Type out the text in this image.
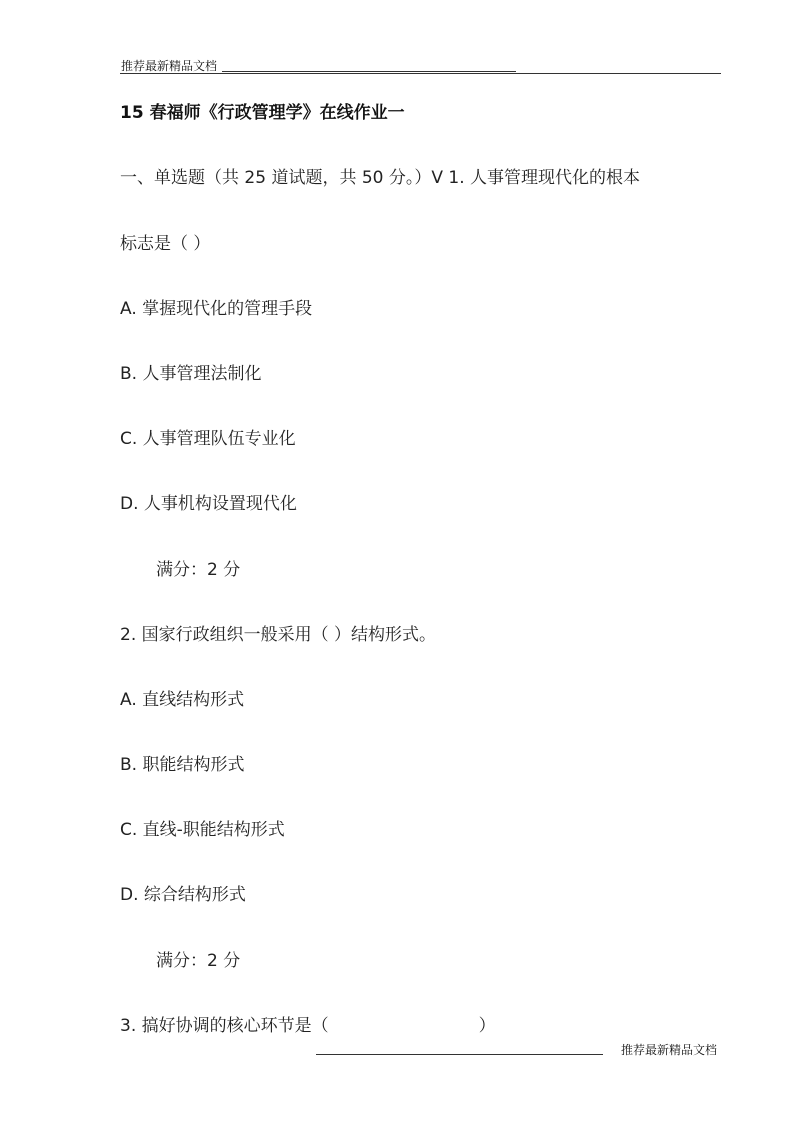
推荐最新精品文档
15 春福师《行政管理学》在线作业一
一、单选题（共 25 道试题，共 50 分。）V 1. 人事管理现代化的根本
标志是（ ）
A. 掌握现代化的管理手段
B. 人事管理法制化
C. 人事管理队伍专业化
D. 人事机构设置现代化
满分：2 分
2. 国家行政组织一般采用（ ）结构形式。
A. 直线结构形式
B. 职能结构形式
C. 直线-职能结构形式
D. 综合结构形式
满分：2 分
3. 搞好协调的核心环节是（	）
推荐最新精品文档
